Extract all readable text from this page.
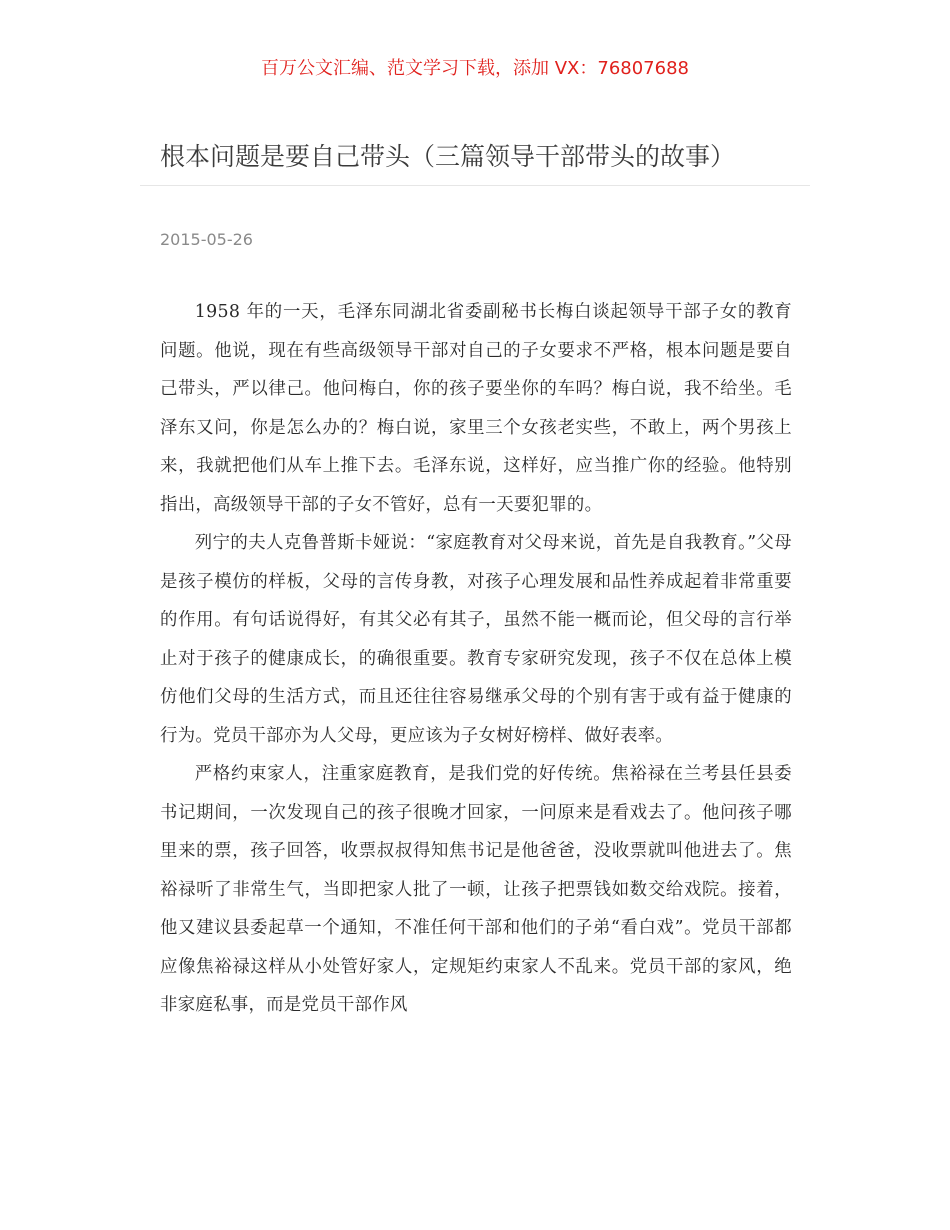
百万公文汇编、范文学习下载，添加 VX：76807688
根本问题是要自己带头（三篇领导干部带头的故事）
2015-05-26

1958 年的一天，毛泽东同湖北省委副秘书长梅白谈起领导干部子女的教育问题。他说，现在有些高级领导干部对自己的子女要求不严格，根本问题是要自己带头，严以律己。他问梅白，你的孩子要坐你的车吗？梅白说，我不给坐。毛泽东又问，你是怎么办的？梅白说，家里三个女孩老实些，不敢上，两个男孩上来，我就把他们从车上推下去。毛泽东说，这样好，应当推广你的经验。他特别指出，高级领导干部的子女不管好，总有一天要犯罪的。

列宁的夫人克鲁普斯卡娅说：“家庭教育对父母来说，首先是自我教育。”父母是孩子模仿的样板，父母的言传身教，对孩子心理发展和品性养成起着非常重要的作用。有句话说得好，有其父必有其子，虽然不能一概而论，但父母的言行举止对于孩子的健康成长，的确很重要。教育专家研究发现，孩子不仅在总体上模仿他们父母的生活方式，而且还往往容易继承父母的个别有害于或有益于健康的行为。党员干部亦为人父母，更应该为子女树好榜样、做好表率。

严格约束家人，注重家庭教育，是我们党的好传统。焦裕禄在兰考县任县委书记期间，一次发现自己的孩子很晚才回家，一问原来是看戏去了。他问孩子哪里来的票，孩子回答，收票叔叔得知焦书记是他爸爸，没收票就叫他进去了。焦裕禄听了非常生气，当即把家人批了一顿，让孩子把票钱如数交给戏院。接着，他又建议县委起草一个通知，不准任何干部和他们的子弟“看白戏”。党员干部都应像焦裕禄这样从小处管好家人，定规矩约束家人不乱来。党员干部的家风，绝非家庭私事，而是党员干部作风
